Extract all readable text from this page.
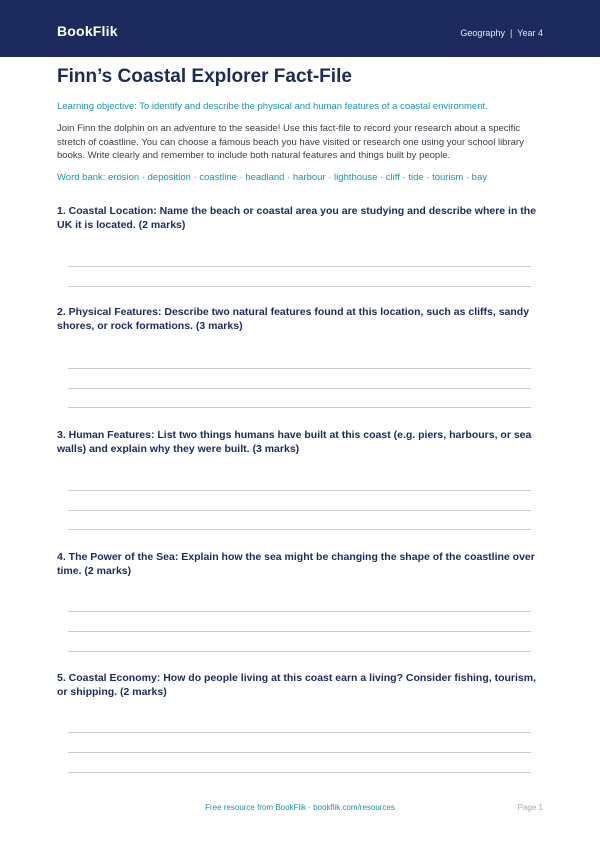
BookFlik	Geography | Year 4
Finn’s Coastal Explorer Fact-File
Learning objective: To identify and describe the physical and human features of a coastal environment.
Join Finn the dolphin on an adventure to the seaside! Use this fact-file to record your research about a specific stretch of coastline. You can choose a famous beach you have visited or research one using your school library books. Write clearly and remember to include both natural features and things built by people.
Word bank: erosion · deposition · coastline · headland · harbour · lighthouse · cliff · tide · tourism · bay

1. Coastal Location: Name the beach or coastal area you are studying and describe where in the UK it is located. (2 marks)

2. Physical Features: Describe two natural features found at this location, such as cliffs, sandy shores, or rock formations. (3 marks)

3. Human Features: List two things humans have built at this coast (e.g. piers, harbours, or sea walls) and explain why they were built. (3 marks)

4. The Power of the Sea: Explain how the sea might be changing the shape of the coastline over time. (2 marks)

5. Coastal Economy: How do people living at this coast earn a living? Consider fishing, tourism, or shipping. (2 marks)

Free resource from BookFlik · bookflik.com/resources	Page 1
